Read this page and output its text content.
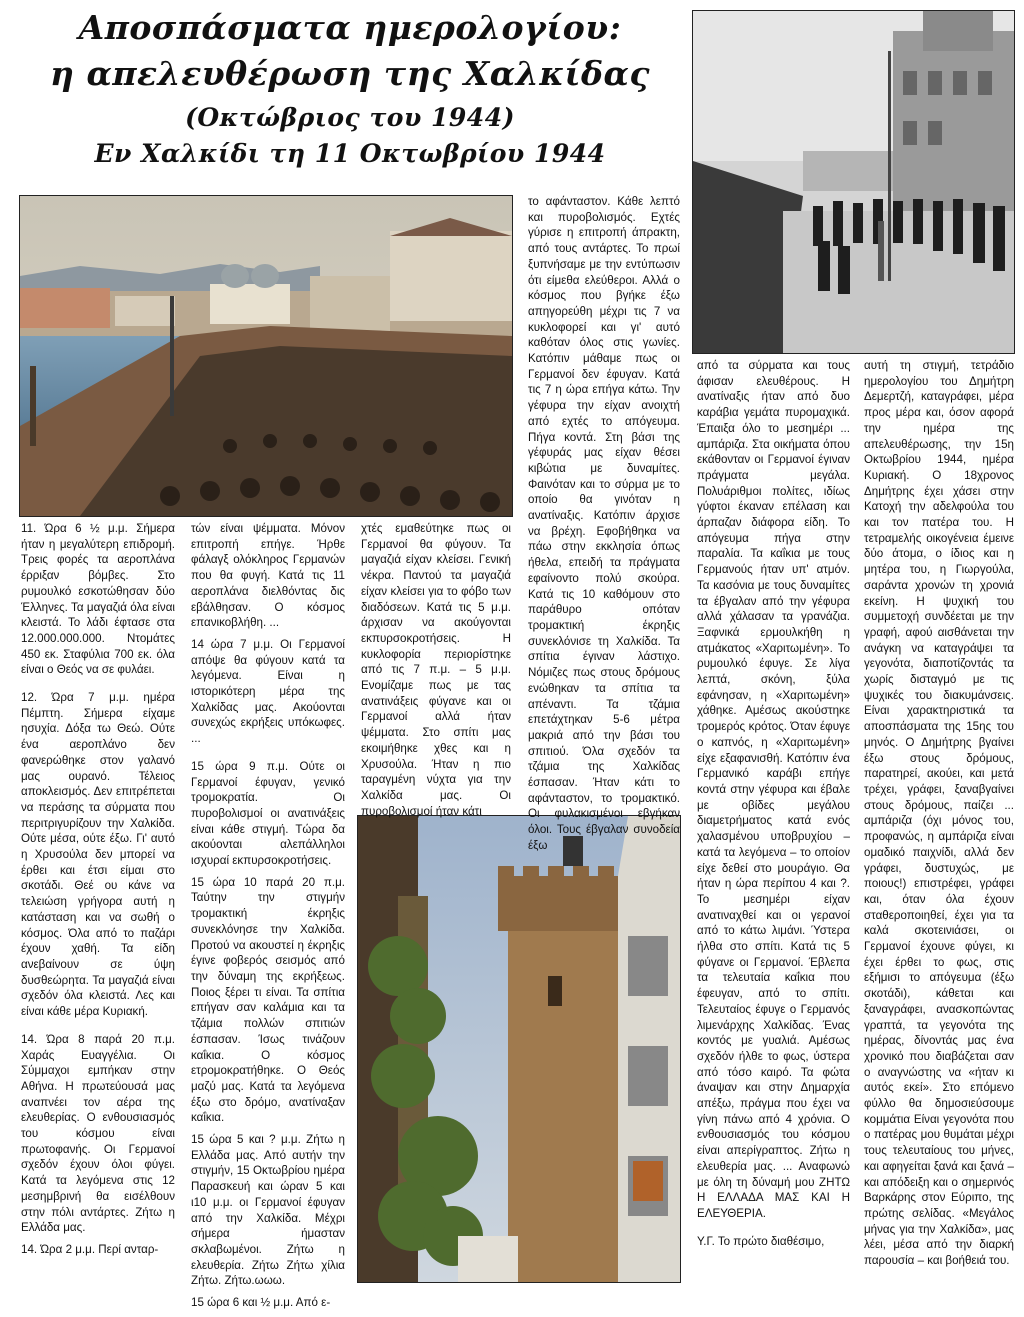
Αποσπάσματα ημερολογίου:
η απελευθέρωση της Χαλκίδας
(Οκτώβριος του 1944)
Εν Χαλκίδι τη 11 Οκτωβρίου 1944

11. Ώρα 6 ½ μ.μ. Σήμερα ήταν η μεγαλύτερη επιδρομή. Τρεις φορές τα αεροπλάνα έρριξαν βόμβες. Στο ρυμουλκό εσκοτώθησαν δύο Έλληνες. Τα μαγαζιά όλα είναι κλειστά. Το λάδι έφτασε στα 12.000.000.000. Ντομάτες 450 εκ. Σταφύλια 700 εκ. όλα είναι ο Θεός να σε φυλάει.

12. Ώρα 7 μ.μ. ημέρα Πέμπτη. Σήμερα είχαμε ησυχία. Δόξα τω Θεώ. Ούτε ένα αεροπλάνο δεν φανερώθηκε στον γαλανό μας ουρανό. Τέλειος αποκλεισμός. Δεν επιτρέπεται να περάσης τα σύρματα που περιτριγυρίζουν την Χαλκίδα. Ούτε μέσα, ούτε έξω. Γι' αυτό η Χρυσούλα δεν μπορεί να έρθει και έτσι είμαι στο σκοτάδι. Θεέ ου κάνε να τελειώση γρήγορα αυτή η κατάσταση και να σωθή ο κόσμος. Όλα από το παζάρι έχουν χαθή. Τα είδη ανεβαίνουν σε ύψη δυσθεώρητα. Τα μαγαζιά είναι σχεδόν όλα κλειστά. Λες και είναι κάθε μέρα Κυριακή.

14. Ώρα 8 παρά 20 π.μ. Χαράς Ευαγγέλια. Οι Σύμμαχοι εμπήκαν στην Αθήνα. Η πρωτεύουσά μας αναπνέει τον αέρα της ελευθερίας. Ο ενθουσιασμός του κόσμου είναι πρωτοφανής. Οι Γερμανοί σχεδόν έχουν όλοι φύγει. Κατά τα λεγόμενα στις 12 μεσημβρινή θα εισέλθουν στην πόλι αντάρτες. Ζήτω η Ελλάδα μας.

14. Ώρα 2 μ.μ. Περί ανταρ-

τών είναι ψέμματα. Μόνον επιτροπή επήγε. Ήρθε φάλαγξ ολόκληρος Γερμανών που θα φυγή. Κατά τις 11 αεροπλάνα διελθόντας δις εβάλθησαν. Ο κόσμος επανικοβλήθη. ...

14 ώρα 7 μ.μ. Οι Γερμανοί απόψε θα φύγουν κατά τα λεγόμενα. Είναι η ιστορικότερη μέρα της Χαλκίδας μας. Ακούονται συνεχώς εκρήξεις υπόκωφες. ...

15 ώρα 9 π.μ. Ούτε οι Γερμανοί έφυγαν, γενικό τρομοκρατία. Οι πυροβολισμοί οι ανατινάξεις είναι κάθε στιγμή. Τώρα δα ακούονται αλεπάλληλοι ισχυραί εκπυρσοκροτήσεις.

15 ώρα 10 παρά 20 π.μ. Ταύτην την στιγμήν τρομακτική έκρηξις συνεκλόνησε την Χαλκίδα. Προτού να ακουστεί η έκρηξις έγινε φοβερός σεισμός από την δύναμη της εκρήξεως. Ποιος ξέρει τι είναι. Τα σπίτια επήγαν σαν καλάμια και τα τζάμια πολλών σπιτιών έσπασαν. Ίσως τινάζουν καΐκια. Ο κόσμος ετρομοκρατήθηκε. Ο Θεός μαζύ μας. Κατά τα λεγόμενα έξω στο δρόμο, ανατίναξαν καΐκια.

15 ώρα 5 και ? μ.μ. Ζήτω η Ελλάδα μας. Από αυτήν την στιγμήν, 15 Οκτωβρίου ημέρα Παρασκευή και ώραν 5 και ι10 μ.μ. οι Γερμανοί έφυγαν από την Χαλκίδα. Μέχρι σήμερα ήμασταν σκλαβωμένοι. Ζήτω η ελευθερία. Ζήτω Ζήτω χίλια Ζήτω. Ζήτω.ωωω.

15 ώρα 6 και ½ μ.μ. Από ε-

χτές εμαθεύτηκε πως οι Γερμανοί θα φύγουν. Τα μαγαζιά είχαν κλείσει. Γενική νέκρα. Παντού τα μαγαζιά είχαν κλείσει για το φόβο των διαδόσεων. Κατά τις 5 μ.μ. άρχισαν να ακούγονται εκπυρσοκροτήσεις. Η κυκλοφορία περιορίστηκε από τις 7 π.μ. – 5 μ.μ. Ενομίζαμε πως με τας ανατινάξεις φύγανε και οι Γερμανοί αλλά ήταν ψέμματα. Στο σπίτι μας εκοιμήθηκε χθες και η Χρυσούλα. Ήταν η πιο ταραγμένη νύχτα για την Χαλκίδα μας. Οι πυροβολισμοί ήταν κάτι

το αφάνταστον. Κάθε λεπτό και πυροβολισμός. Εχτές γύρισε η επιτροπή άπρακτη, από τους αντάρτες. Το πρωί ξυπνήσαμε με την εντύπωσιν ότι είμεθα ελεύθεροι. Αλλά ο κόσμος που βγήκε έξω απηγορεύθη μέχρι τις 7 να κυκλοφορεί και γι' αυτό καθόταν όλος στις γωνίες. Κατόπιν μάθαμε πως οι Γερμανοί δεν έφυγαν. Κατά τις 7 η ώρα επήγα κάτω. Την γέφυρα την είχαν ανοιχτή από εχτές το απόγευμα. Πήγα κοντά. Στη βάσι της γέφυράς μας είχαν θέσει κιβώτια με δυναμίτες. Φαινόταν και το σύρμα με το οποίο θα γινόταν η ανατίναξις. Κατόπιν άρχισε να βρέχη. Εφοβήθηκα να πάω στην εκκλησία όπως ήθελα, επειδή τα πράγματα εφαίνοντο πολύ σκούρα. Κατά τις 10 καθόμουν στο παράθυρο οπόταν τρομακτική έκρηξις συνεκλόνισε τη Χαλκίδα. Τα σπίτια έγιναν λάστιχο. Νόμιζες πως στους δρόμους ενώθηκαν τα σπίτια τα απέναντι. Τα τζάμια επετάχτηκαν 5-6 μέτρα μακριά από την βάσι του σπιτιού. Όλα σχεδόν τα τζάμια της Χαλκίδας έσπασαν. Ήταν κάτι το αφάνταστον, το τρομακτικό. Οι φυλακισμένοι εβγήκαν όλοι. Τους έβγαλαν συνοδεία έξω

από τα σύρματα και τους άφισαν ελευθέρους. Η ανατίναξις ήταν από δυο καράβια γεμάτα πυρομαχικά. Έπαιξα όλο το μεσημέρι ... αμπάριζα. Στα οικήματα όπου εκάθονταν οι Γερμανοί έγιναν πράγματα μεγάλα. Πολυάριθμοι πολίτες, ιδίως γύφτοι έκαναν επέλαση και άρπαζαν διάφορα είδη. Το απόγευμα πήγα στην παραλία. Τα καΐκια με τους Γερμανούς ήταν υπ' ατμόν. Τα κασόνια με τους δυναμίτες τα έβγαλαν από την γέφυρα αλλά χάλασαν τα γρανάζια. Ξαφνικά ερμουλκήθη η ατμάκατος «Χαριτωμένη». Το ρυμουλκό έφυγε. Σε λίγα λεπτά, σκόνη, ξύλα εφάνησαν, η «Χαριτωμένη» χάθηκε. Αμέσως ακούστηκε τρομερός κρότος. Όταν έφυγε ο καπνός, η «Χαριτωμένη» είχε εξαφανισθή. Κατόπιν ένα Γερμανικό καράβι επήγε κοντά στην γέφυρα και έβαλε με οβίδες μεγάλου διαμετρήματος κατά ενός χαλασμένου υποβρυχίου – κατά τα λεγόμενα – το οποίον είχε δεθεί στο μουράγιο. Θα ήταν η ώρα περίπου 4 και ?. Το μεσημέρι είχαν ανατιναχθεί και οι γερανοί από το κάτω λιμάνι. Ύστερα ήλθα στο σπίτι. Κατά τις 5 φύγανε οι Γερμανοί. Έβλεπα τα τελευταία καΐκια που έφευγαν, από το σπίτι. Τελευταίος έφυγε ο Γερμανός λιμενάρχης Χαλκίδας. Ένας κοντός με γυαλιά. Αμέσως σχεδόν ήλθε το φως, ύστερα από τόσο καιρό. Τα φώτα άναψαν και στην Δημαρχία απέξω, πράγμα που έχει να γίνη πάνω από 4 χρόνια. Ο ενθουσιασμός του κόσμου είναι απερίγραπτος. Ζήτω η ελευθερία μας. ... Αναφωνώ με όλη τη δύναμή μου ΖΗΤΩ Η ΕΛΛΑΔΑ ΜΑΣ ΚΑΙ Η ΕΛΕΥΘΕΡΙΑ.

Υ.Γ. Το πρώτο διαθέσιμο,

αυτή τη στιγμή, τετράδιο ημερολογίου του Δημήτρη Δεμερτζή, καταγράφει, μέρα προς μέρα και, όσον αφορά την ημέρα της απελευθέρωσης, την 15η Οκτωβρίου 1944, ημέρα Κυριακή. Ο 18χρονος Δημήτρης έχει χάσει στην Κατοχή την αδελφούλα του και τον πατέρα του. Η τετραμελής οικογένεια έμεινε δύο άτομα, ο ίδιος και η μητέρα του, η Γιωργούλα, σαράντα χρονών τη χρονιά εκείνη. Η ψυχική του συμμετοχή συνδέεται με την γραφή, αφού αισθάνεται την ανάγκη να καταγράψει τα γεγονότα, διαποτίζοντάς τα χωρίς δισταγμό με τις ψυχικές του διακυμάνσεις. Είναι χαρακτηριστικά τα αποσπάσματα της 15ης του μηνός. Ο Δημήτρης βγαίνει έξω στους δρόμους, παρατηρεί, ακούει, και μετά τρέχει, γράφει, ξαναβγαίνει στους δρόμους, παίζει ... αμπάριζα (όχι μόνος του, προφανώς, η αμπάριζα είναι ομαδικό παιχνίδι, αλλά δεν γράφει, δυστυχώς, με ποιους!) επιστρέφει, γράφει και, όταν όλα έχουν σταθεροποιηθεί, έχει για τα καλά σκοτεινιάσει, οι Γερμανοί έχουνε φύγει, κι έχει έρθει το φως, στις εξήμισι το απόγευμα (έξω σκοτάδι), κάθεται και ξαναγράφει, ανασκοπώντας γραπτά, τα γεγονότα της ημέρας, δίνοντάς μας ένα χρονικό που διαβάζεται σαν ο αναγνώστης να «ήταν κι αυτός εκεί». Στο επόμενο φύλλο θα δημοσιεύσουμε κομμάτια Είναι γεγονότα που ο πατέρας μου θυμάται μέχρι τους τελευταίους του μήνες, και αφηγείται ξανά και ξανά – και απόδειξη και ο σημερινός Βαρκάρης στον Εύριπο, της πρώτης σελίδας. «Μεγάλος μήνας για την Χαλκίδα», μας λέει, μέσα από την διαρκή παρουσία – και βοήθειά του.
